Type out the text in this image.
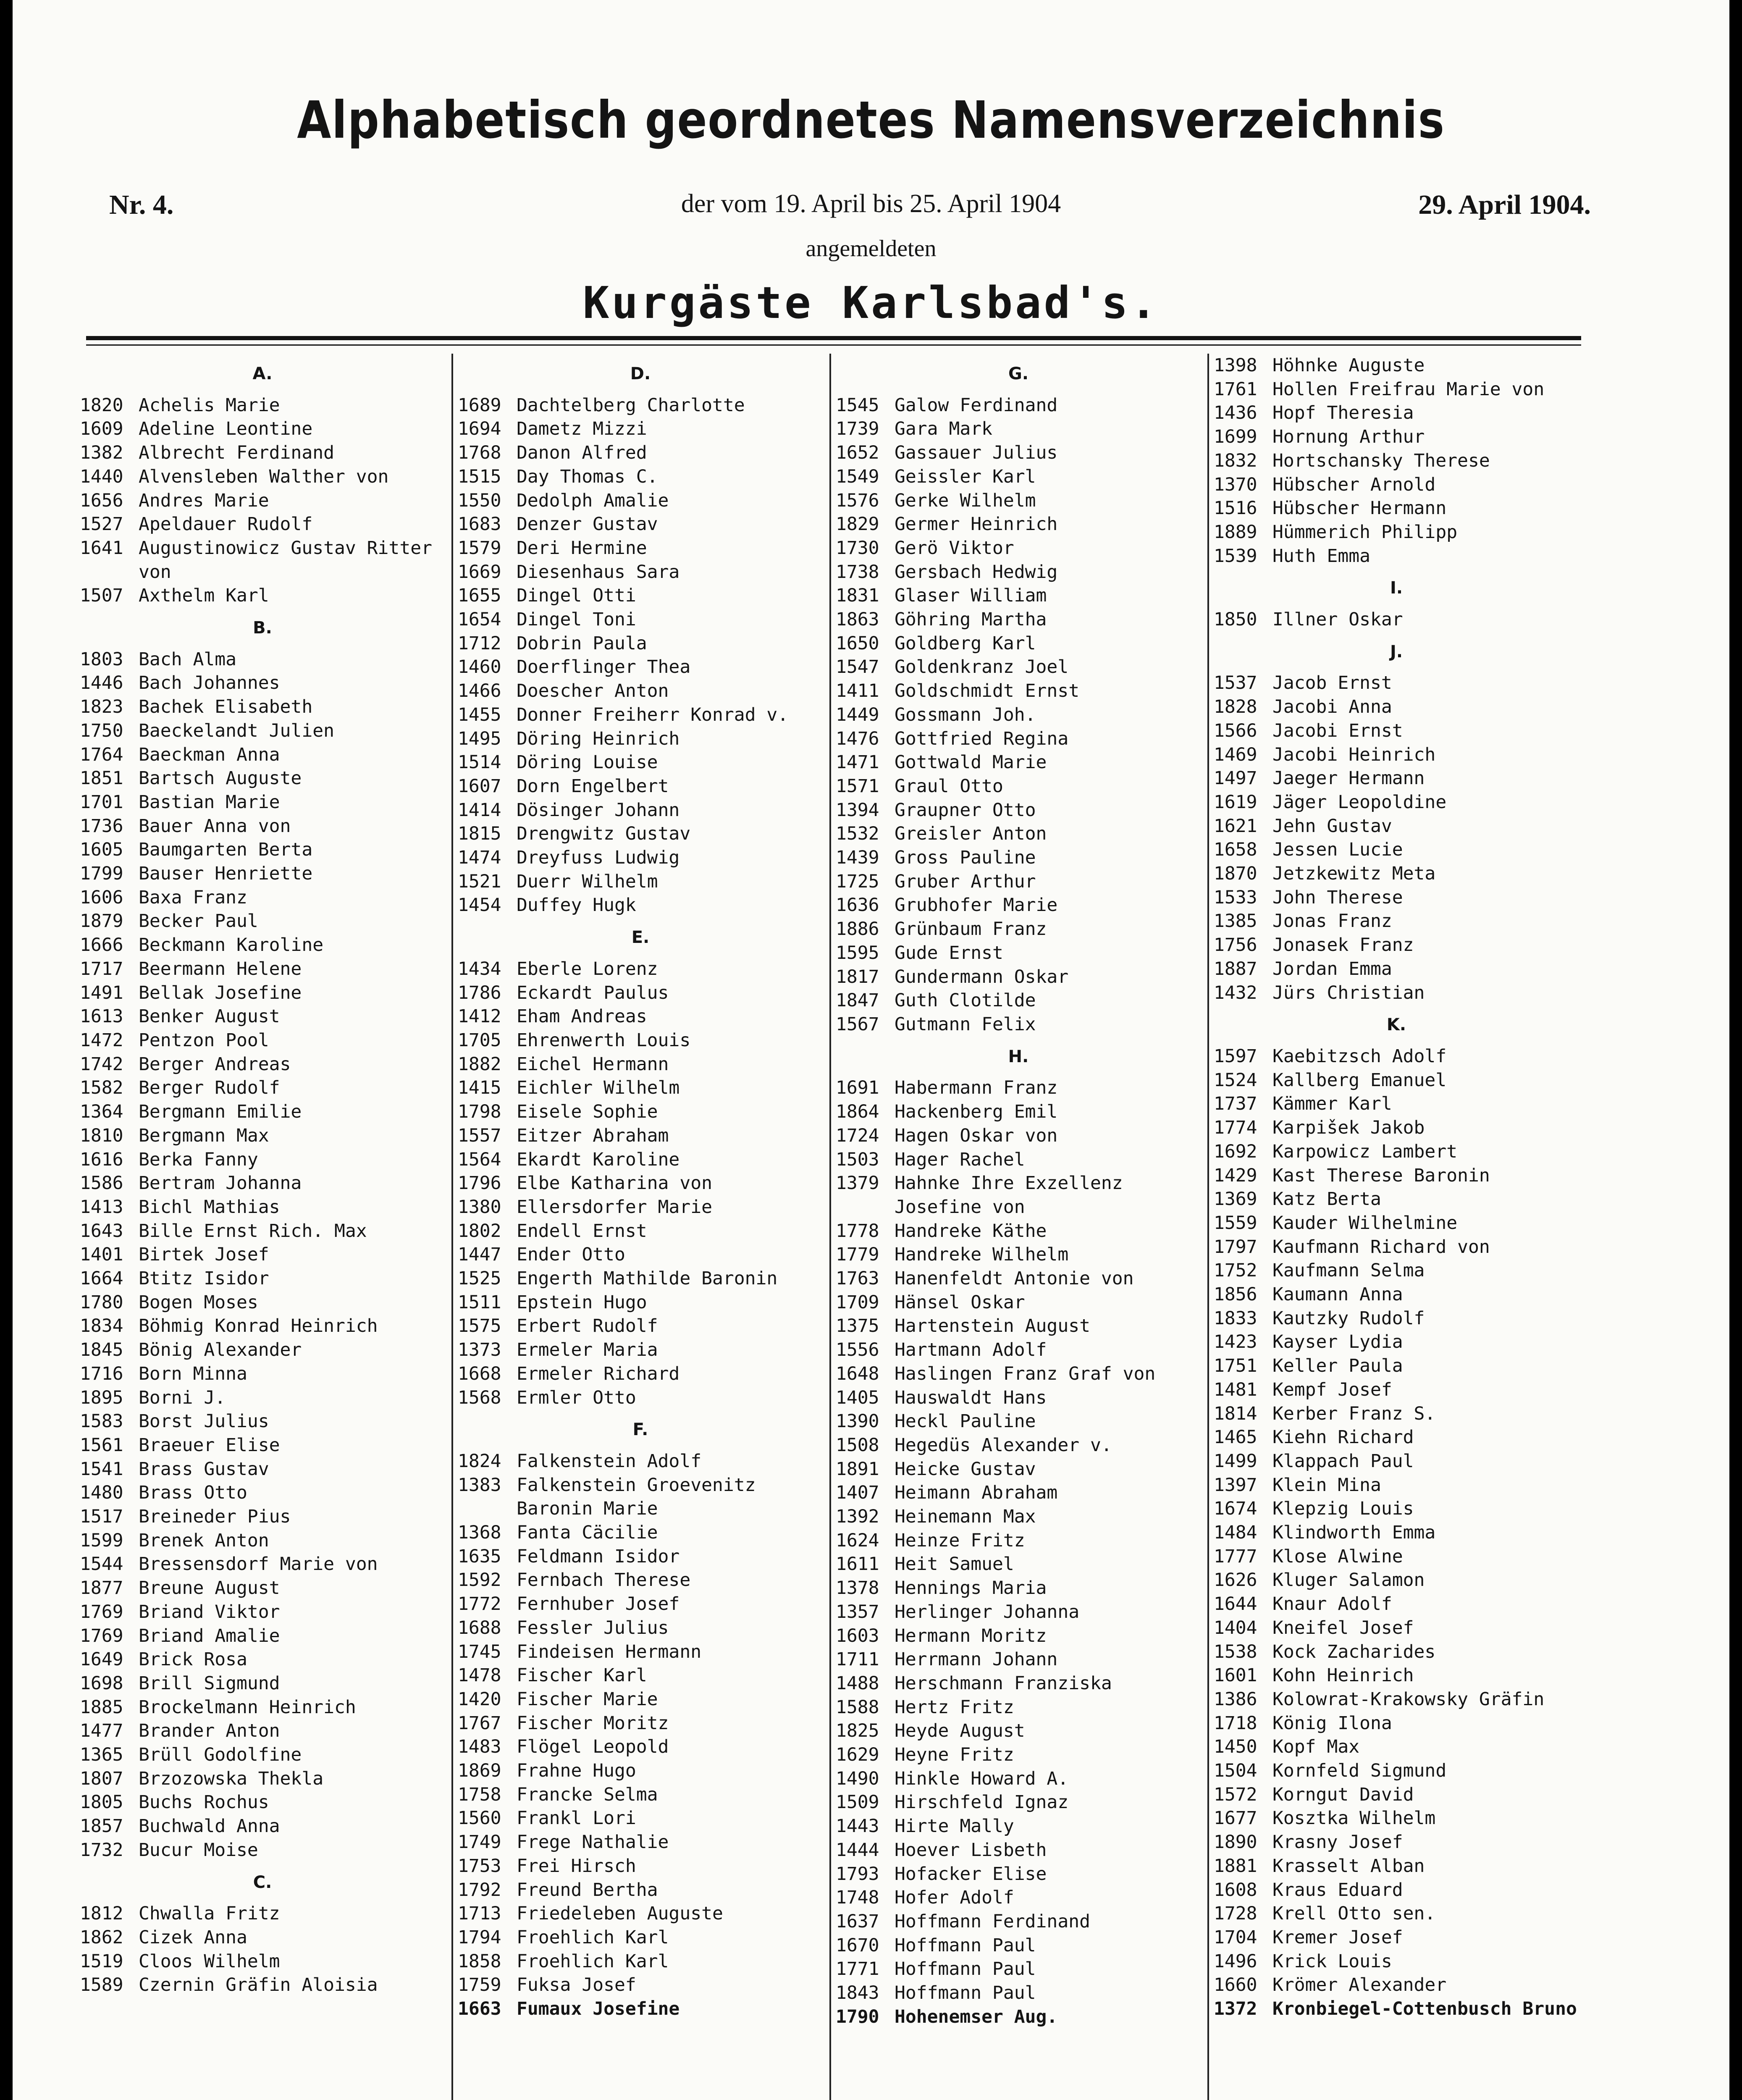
Alphabetisch geordnetes Namensverzeichnis
Nr. 4.	der vom 19. April bis 25. April 1904	29. April 1904.
angemeldeten
Kurgäste Karlsbad's.
A.
1820 Achelis Marie
1609 Adeline Leontine
1382 Albrecht Ferdinand
1440 Alvensleben Walther von
1656 Andres Marie
1527 Apeldauer Rudolf
1641 Augustinowicz Gustav Ritter
von
1507 Axthelm Karl
B.
1803 Bach Alma
1446 Bach Johannes
1823 Bachek Elisabeth
1750 Baeckelandt Julien
1764 Baeckman Anna
1851 Bartsch Auguste
1701 Bastian Marie
1736 Bauer Anna von
1605 Baumgarten Berta
1799 Bauser Henriette
1606 Baxa Franz
1879 Becker Paul
1666 Beckmann Karoline
1717 Beermann Helene
1491 Bellak Josefine
1613 Benker August
1472 Pentzon Pool
1742 Berger Andreas
1582 Berger Rudolf
1364 Bergmann Emilie
1810 Bergmann Max
1616 Berka Fanny
1586 Bertram Johanna
1413 Bichl Mathias
1643 Bille Ernst Rich. Max
1401 Birtek Josef
1664 Btitz Isidor
1780 Bogen Moses
1834 Böhmig Konrad Heinrich
1845 Bönig Alexander
1716 Born Minna
1895 Borni J.
1583 Borst Julius
1561 Braeuer Elise
1541 Brass Gustav
1480 Brass Otto
1517 Breineder Pius
1599 Brenek Anton
1544 Bressensdorf Marie von
1877 Breune August
1769 Briand Viktor
1769 Briand Amalie
1649 Brick Rosa
1698 Brill Sigmund
1885 Brockelmann Heinrich
1477 Brander Anton
1365 Brüll Godolfine
1807 Brzozowska Thekla
1805 Buchs Rochus
1857 Buchwald Anna
1732 Bucur Moise
C.
1812 Chwalla Fritz
1862 Cizek Anna
1519 Cloos Wilhelm
1589 Czernin Gräfin Aloisia
D.
1689 Dachtelberg Charlotte
1694 Dametz Mizzi
1768 Danon Alfred
1515 Day Thomas C.
1550 Dedolph Amalie
1683 Denzer Gustav
1579 Deri Hermine
1669 Diesenhaus Sara
1655 Dingel Otti
1654 Dingel Toni
1712 Dobrin Paula
1460 Doerflinger Thea
1466 Doescher Anton
1455 Donner Freiherr Konrad v.
1495 Döring Heinrich
1514 Döring Louise
1607 Dorn Engelbert
1414 Dösinger Johann
1815 Drengwitz Gustav
1474 Dreyfuss Ludwig
1521 Duerr Wilhelm
1454 Duffey Hugk
E.
1434 Eberle Lorenz
1786 Eckardt Paulus
1412 Eham Andreas
1705 Ehrenwerth Louis
1882 Eichel Hermann
1415 Eichler Wilhelm
1798 Eisele Sophie
1557 Eitzer Abraham
1564 Ekardt Karoline
1796 Elbe Katharina von
1380 Ellersdorfer Marie
1802 Endell Ernst
1447 Ender Otto
1525 Engerth Mathilde Baronin
1511 Epstein Hugo
1575 Erbert Rudolf
1373 Ermeler Maria
1668 Ermeler Richard
1568 Ermler Otto
F.
1824 Falkenstein Adolf
1383 Falkenstein Groevenitz
Baronin Marie
1368 Fanta Cäcilie
1635 Feldmann Isidor
1592 Fernbach Therese
1772 Fernhuber Josef
1688 Fessler Julius
1745 Findeisen Hermann
1478 Fischer Karl
1420 Fischer Marie
1767 Fischer Moritz
1483 Flögel Leopold
1869 Frahne Hugo
1758 Francke Selma
1560 Frankl Lori
1749 Frege Nathalie
1753 Frei Hirsch
1792 Freund Bertha
1713 Friedeleben Auguste
1794 Froehlich Karl
1858 Froehlich Karl
1759 Fuksa Josef
1663 Fumaux Josefine
G.
1545 Galow Ferdinand
1739 Gara Mark
1652 Gassauer Julius
1549 Geissler Karl
1576 Gerke Wilhelm
1829 Germer Heinrich
1730 Gerö Viktor
1738 Gersbach Hedwig
1831 Glaser William
1863 Göhring Martha
1650 Goldberg Karl
1547 Goldenkranz Joel
1411 Goldschmidt Ernst
1449 Gossmann Joh.
1476 Gottfried Regina
1471 Gottwald Marie
1571 Graul Otto
1394 Graupner Otto
1532 Greisler Anton
1439 Gross Pauline
1725 Gruber Arthur
1636 Grubhofer Marie
1886 Grünbaum Franz
1595 Gude Ernst
1817 Gundermann Oskar
1847 Guth Clotilde
1567 Gutmann Felix
H.
1691 Habermann Franz
1864 Hackenberg Emil
1724 Hagen Oskar von
1503 Hager Rachel
1379 Hahnke Ihre Exzellenz
Josefine von
1778 Handreke Käthe
1779 Handreke Wilhelm
1763 Hanenfeldt Antonie von
1709 Hänsel Oskar
1375 Hartenstein August
1556 Hartmann Adolf
1648 Haslingen Franz Graf von
1405 Hauswaldt Hans
1390 Heckl Pauline
1508 Hegedüs Alexander v.
1891 Heicke Gustav
1407 Heimann Abraham
1392 Heinemann Max
1624 Heinze Fritz
1611 Heit Samuel
1378 Hennings Maria
1357 Herlinger Johanna
1603 Hermann Moritz
1711 Herrmann Johann
1488 Herschmann Franziska
1588 Hertz Fritz
1825 Heyde August
1629 Heyne Fritz
1490 Hinkle Howard A.
1509 Hirschfeld Ignaz
1443 Hirte Mally
1444 Hoever Lisbeth
1793 Hofacker Elise
1748 Hofer Adolf
1637 Hoffmann Ferdinand
1670 Hoffmann Paul
1771 Hoffmann Paul
1843 Hoffmann Paul
1790 Hohenemser Aug.
1398 Höhnke Auguste
1761 Hollen Freifrau Marie von
1436 Hopf Theresia
1699 Hornung Arthur
1832 Hortschansky Therese
1370 Hübscher Arnold
1516 Hübscher Hermann
1889 Hümmerich Philipp
1539 Huth Emma
I.
1850 Illner Oskar
J.
1537 Jacob Ernst
1828 Jacobi Anna
1566 Jacobi Ernst
1469 Jacobi Heinrich
1497 Jaeger Hermann
1619 Jäger Leopoldine
1621 Jehn Gustav
1658 Jessen Lucie
1870 Jetzkewitz Meta
1533 John Therese
1385 Jonas Franz
1756 Jonasek Franz
1887 Jordan Emma
1432 Jürs Christian
K.
1597 Kaebitzsch Adolf
1524 Kallberg Emanuel
1737 Kämmer Karl
1774 Karpišek Jakob
1692 Karpowicz Lambert
1429 Kast Therese Baronin
1369 Katz Berta
1559 Kauder Wilhelmine
1797 Kaufmann Richard von
1752 Kaufmann Selma
1856 Kaumann Anna
1833 Kautzky Rudolf
1423 Kayser Lydia
1751 Keller Paula
1481 Kempf Josef
1814 Kerber Franz S.
1465 Kiehn Richard
1499 Klappach Paul
1397 Klein Mina
1674 Klepzig Louis
1484 Klindworth Emma
1777 Klose Alwine
1626 Kluger Salamon
1644 Knaur Adolf
1404 Kneifel Josef
1538 Kock Zacharides
1601 Kohn Heinrich
1386 Kolowrat-Krakowsky Gräfin
1718 König Ilona
1450 Kopf Max
1504 Kornfeld Sigmund
1572 Korngut David
1677 Kosztka Wilhelm
1890 Krasny Josef
1881 Krasselt Alban
1608 Kraus Eduard
1728 Krell Otto sen.
1704 Kremer Josef
1496 Krick Louis
1660 Krömer Alexander
1372 Kronbiegel-Cottenbusch Bruno
